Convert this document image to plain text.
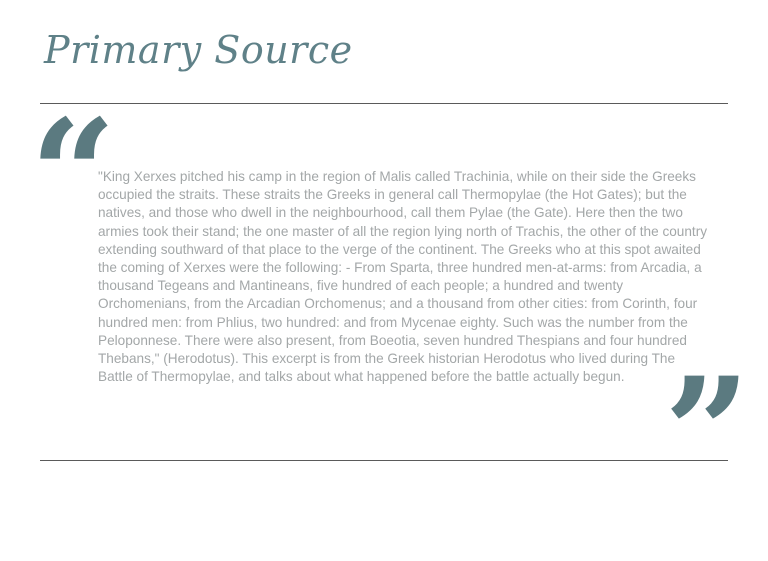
Primary Source
“
"King Xerxes pitched his camp in the region of Malis called Trachinia, while on their side the Greeks occupied the straits. These straits the Greeks in general call Thermopylae (the Hot Gates); but the natives, and those who dwell in the neighbourhood, call them Pylae (the Gate). Here then the two armies took their stand; the one master of all the region lying north of Trachis, the other of the country extending southward of that place to the verge of the continent. The Greeks who at this spot awaited the coming of Xerxes were the following: - From Sparta, three hundred men-at-arms: from Arcadia, a thousand Tegeans and Mantineans, five hundred of each people; a hundred and twenty Orchomenians, from the Arcadian Orchomenus; and a thousand from other cities: from Corinth, four hundred men: from Phlius, two hundred: and from Mycenae eighty. Such was the number from the Peloponnese. There were also present, from Boeotia, seven hundred Thespians and four hundred Thebans," (Herodotus). This excerpt is from the Greek historian Herodotus who lived during The Battle of Thermopylae, and talks about what happened before the battle actually begun. ”
